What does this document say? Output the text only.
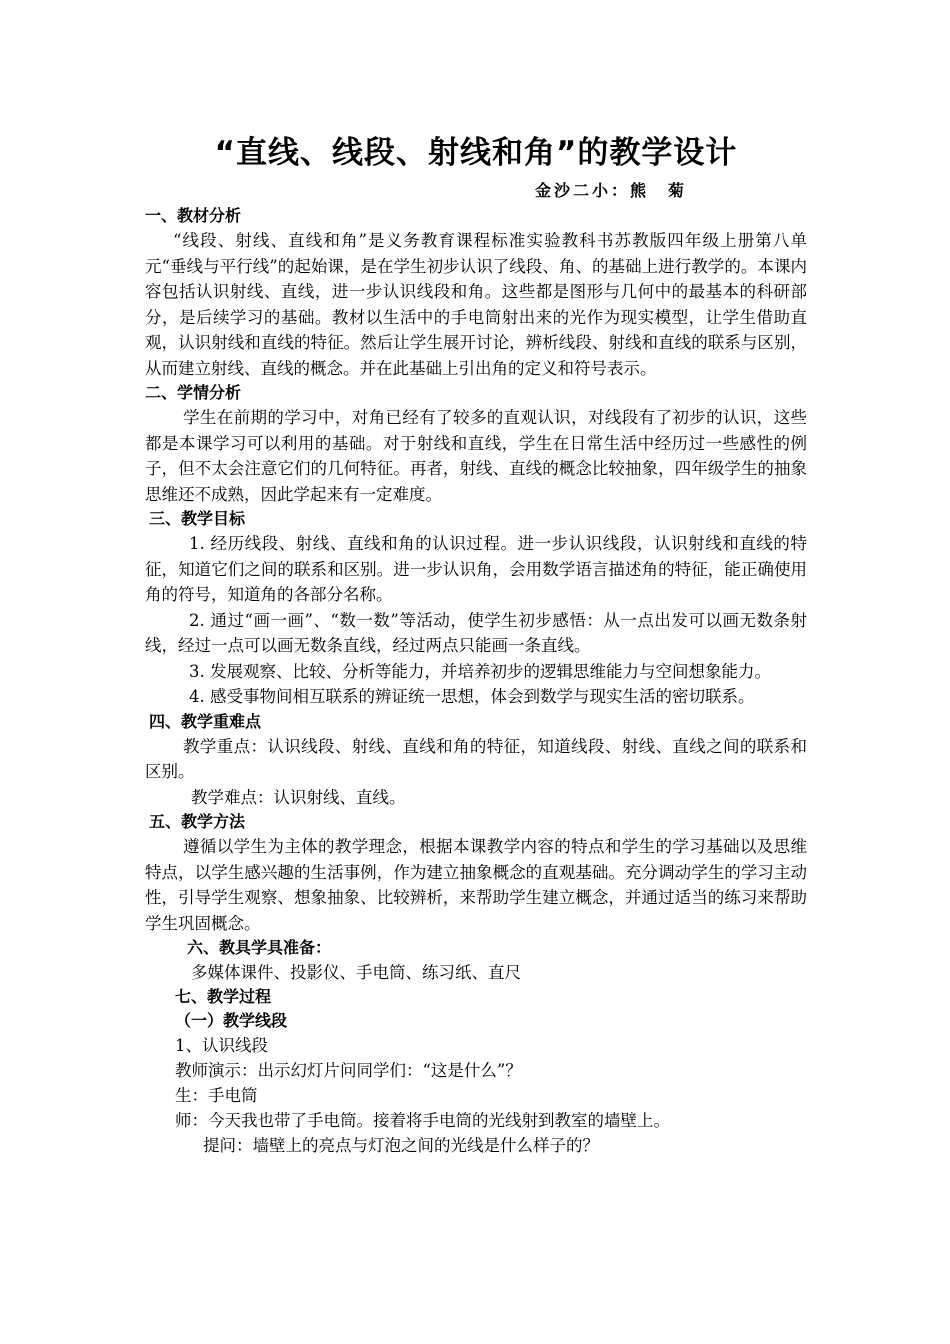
“直线、线段、射线和角”的教学设计
金沙二小：熊　菊
一、教材分析

“线段、射线、直线和角”是义务教育课程标准实验教科书苏教版四年级上册第八单元“垂线与平行线”的起始课，是在学生初步认识了线段、角、的基础上进行教学的。本课内容包括认识射线、直线，进一步认识线段和角。这些都是图形与几何中的最基本的科研部分，是后续学习的基础。教材以生活中的手电筒射出来的光作为现实模型，让学生借助直观，认识射线和直线的特征。然后让学生展开讨论，辨析线段、射线和直线的联系与区别，从而建立射线、直线的概念。并在此基础上引出角的定义和符号表示。

二、学情分析

学生在前期的学习中，对角已经有了较多的直观认识，对线段有了初步的认识，这些都是本课学习可以利用的基础。对于射线和直线，学生在日常生活中经历过一些感性的例子，但不太会注意它们的几何特征。再者，射线、直线的概念比较抽象，四年级学生的抽象思维还不成熟，因此学起来有一定难度。

三、教学目标

1. 经历线段、射线、直线和角的认识过程。进一步认识线段，认识射线和直线的特征，知道它们之间的联系和区别。进一步认识角，会用数学语言描述角的特征，能正确使用角的符号，知道角的各部分名称。

2. 通过“画一画”、“数一数”等活动，使学生初步感悟：从一点出发可以画无数条射线，经过一点可以画无数条直线，经过两点只能画一条直线。

3. 发展观察、比较、分析等能力，并培养初步的逻辑思维能力与空间想象能力。

4. 感受事物间相互联系的辨证统一思想，体会到数学与现实生活的密切联系。

四、教学重难点

教学重点：认识线段、射线、直线和角的特征，知道线段、射线、直线之间的联系和区别。

教学难点：认识射线、直线。

五、教学方法

遵循以学生为主体的教学理念，根据本课教学内容的特点和学生的学习基础以及思维特点，以学生感兴趣的生活事例，作为建立抽象概念的直观基础。充分调动学生的学习主动性，引导学生观察、想象抽象、比较辨析，来帮助学生建立概念，并通过适当的练习来帮助学生巩固概念。

六、教具学具准备：
多媒体课件、投影仪、手电筒、练习纸、直尺
七、教学过程
（一）教学线段
1、认识线段
教师演示：出示幻灯片问同学们：“这是什么”？
生：手电筒
师：今天我也带了手电筒。接着将手电筒的光线射到教室的墙壁上。
提问：墙壁上的亮点与灯泡之间的光线是什么样子的？
